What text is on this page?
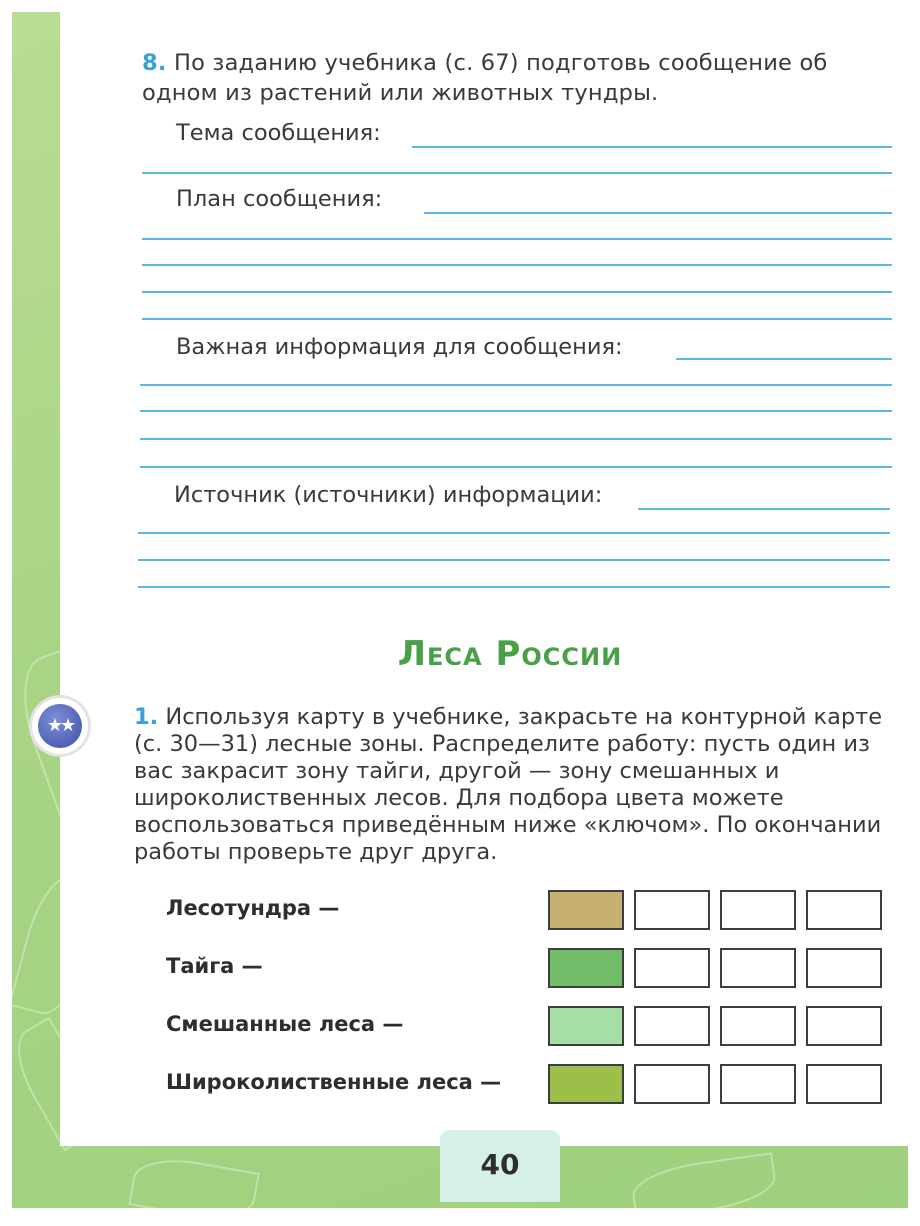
8. По заданию учебника (с. 67) подготовь сообщение об одном из растений или животных тундры.
Тема сообщения:
План сообщения:
Важная информация для сообщения:
Источник (источники) информации:
Леса России
★★	1. Используя карту в учебнике, закрасьте на контурной карте (с. 30—31) лесные зоны. Распределите работу: пусть один из вас закрасит зону тайги, другой — зону смешанных и широколиственных лесов. Для подбора цвета можете воспользоваться приведённым ниже «ключом». По окончании работы проверьте друг друга.
Лесотундра —
Тайга —
Смешанные леса —
Широколиственные леса —
40
